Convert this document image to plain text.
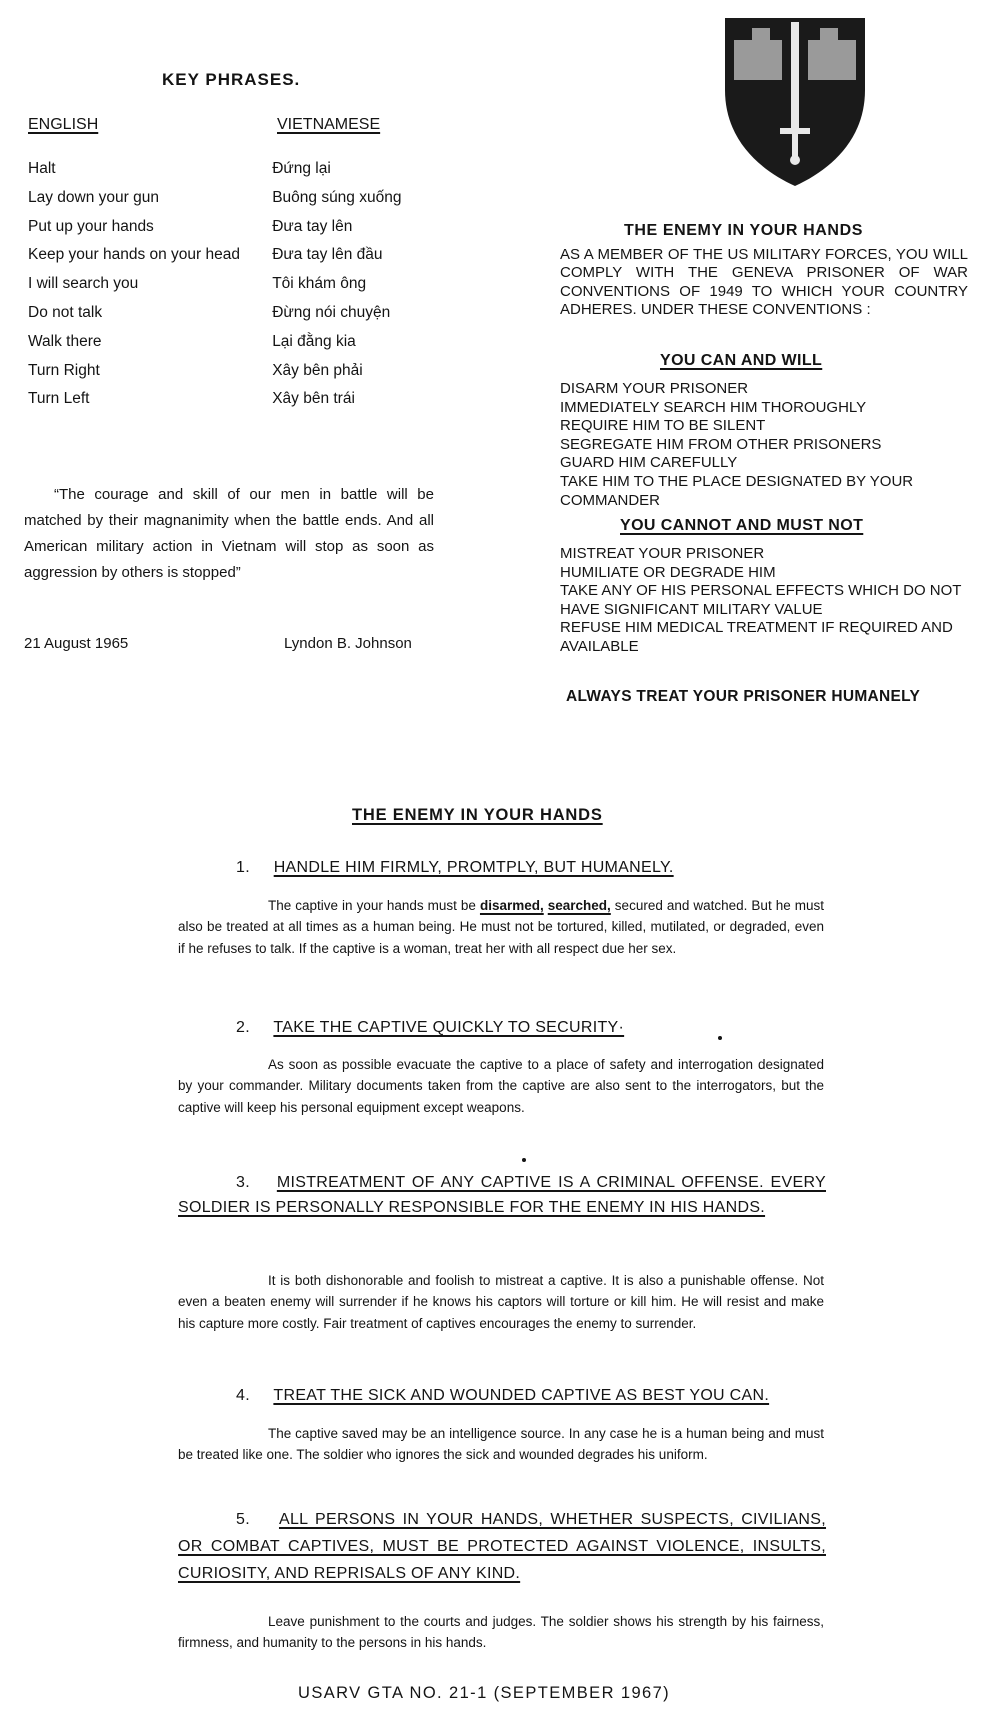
KEY PHRASES.
ENGLISH	VIETNAMESE
Halt	Đứng lại
Lay down your gun	Buông súng xuống
Put up your hands	Đưa tay lên
Keep your hands on your head	Đưa tay lên đầu
I will search you	Tôi khám ông
Do not talk	Đừng nói chuyện
Walk there	Lại đằng kia
Turn Right	Xây bên phải
Turn Left	Xây bên trái
“The courage and skill of our men in battle will be matched by their magnanimity when the battle ends. And all American military action in Vietnam will stop as soon as aggression by others is stopped”
21 August 1965	Lyndon B. Johnson
THE ENEMY IN YOUR HANDS
AS A MEMBER OF THE US MILITARY FORCES, YOU WILL COMPLY WITH THE GENEVA PRISONER OF WAR CONVENTIONS OF 1949 TO WHICH YOUR COUNTRY ADHERES. UNDER THESE CONVENTIONS :
YOU CAN AND WILL
DISARM YOUR PRISONER
IMMEDIATELY SEARCH HIM THOROUGHLY
REQUIRE HIM TO BE SILENT
SEGREGATE HIM FROM OTHER PRISONERS
GUARD HIM CAREFULLY
TAKE HIM TO THE PLACE DESIGNATED BY YOUR COMMANDER
YOU CANNOT AND MUST NOT
MISTREAT YOUR PRISONER
HUMILIATE OR DEGRADE HIM
TAKE ANY OF HIS PERSONAL EFFECTS WHICH DO NOT HAVE SIGNIFICANT MILITARY VALUE
REFUSE HIM MEDICAL TREATMENT IF REQUIRED AND AVAILABLE
ALWAYS TREAT YOUR PRISONER HUMANELY
THE ENEMY IN YOUR HANDS
1. HANDLE HIM FIRMLY, PROMTPLY, BUT HUMANELY.
The captive in your hands must be disarmed, searched, secured and watched. But he must also be treated at all times as a human being. He must not be tortured, killed, mutilated, or degraded, even if he refuses to talk. If the captive is a woman, treat her with all respect due her sex.
2. TAKE THE CAPTIVE QUICKLY TO SECURITY·
As soon as possible evacuate the captive to a place of safety and interrogation designated by your commander. Military documents taken from the captive are also sent to the interrogators, but the captive will keep his personal equipment except weapons.
3. MISTREATMENT OF ANY CAPTIVE IS A CRIMINAL OFFENSE. EVERY SOLDIER IS PERSONALLY RESPONSIBLE FOR THE ENEMY IN HIS HANDS.
It is both dishonorable and foolish to mistreat a captive. It is also a punishable offense. Not even a beaten enemy will surrender if he knows his captors will torture or kill him. He will resist and make his capture more costly. Fair treatment of captives encourages the enemy to surrender.
4. TREAT THE SICK AND WOUNDED CAPTIVE AS BEST YOU CAN.
The captive saved may be an intelligence source. In any case he is a human being and must be treated like one. The soldier who ignores the sick and wounded degrades his uniform.
5. ALL PERSONS IN YOUR HANDS, WHETHER SUSPECTS, CIVILIANS, OR COMBAT CAPTIVES, MUST BE PROTECTED AGAINST VIOLENCE, INSULTS, CURIOSITY, AND REPRISALS OF ANY KIND.
Leave punishment to the courts and judges. The soldier shows his strength by his fairness, firmness, and humanity to the persons in his hands.
USARV GTA NO. 21-1 (SEPTEMBER 1967)
